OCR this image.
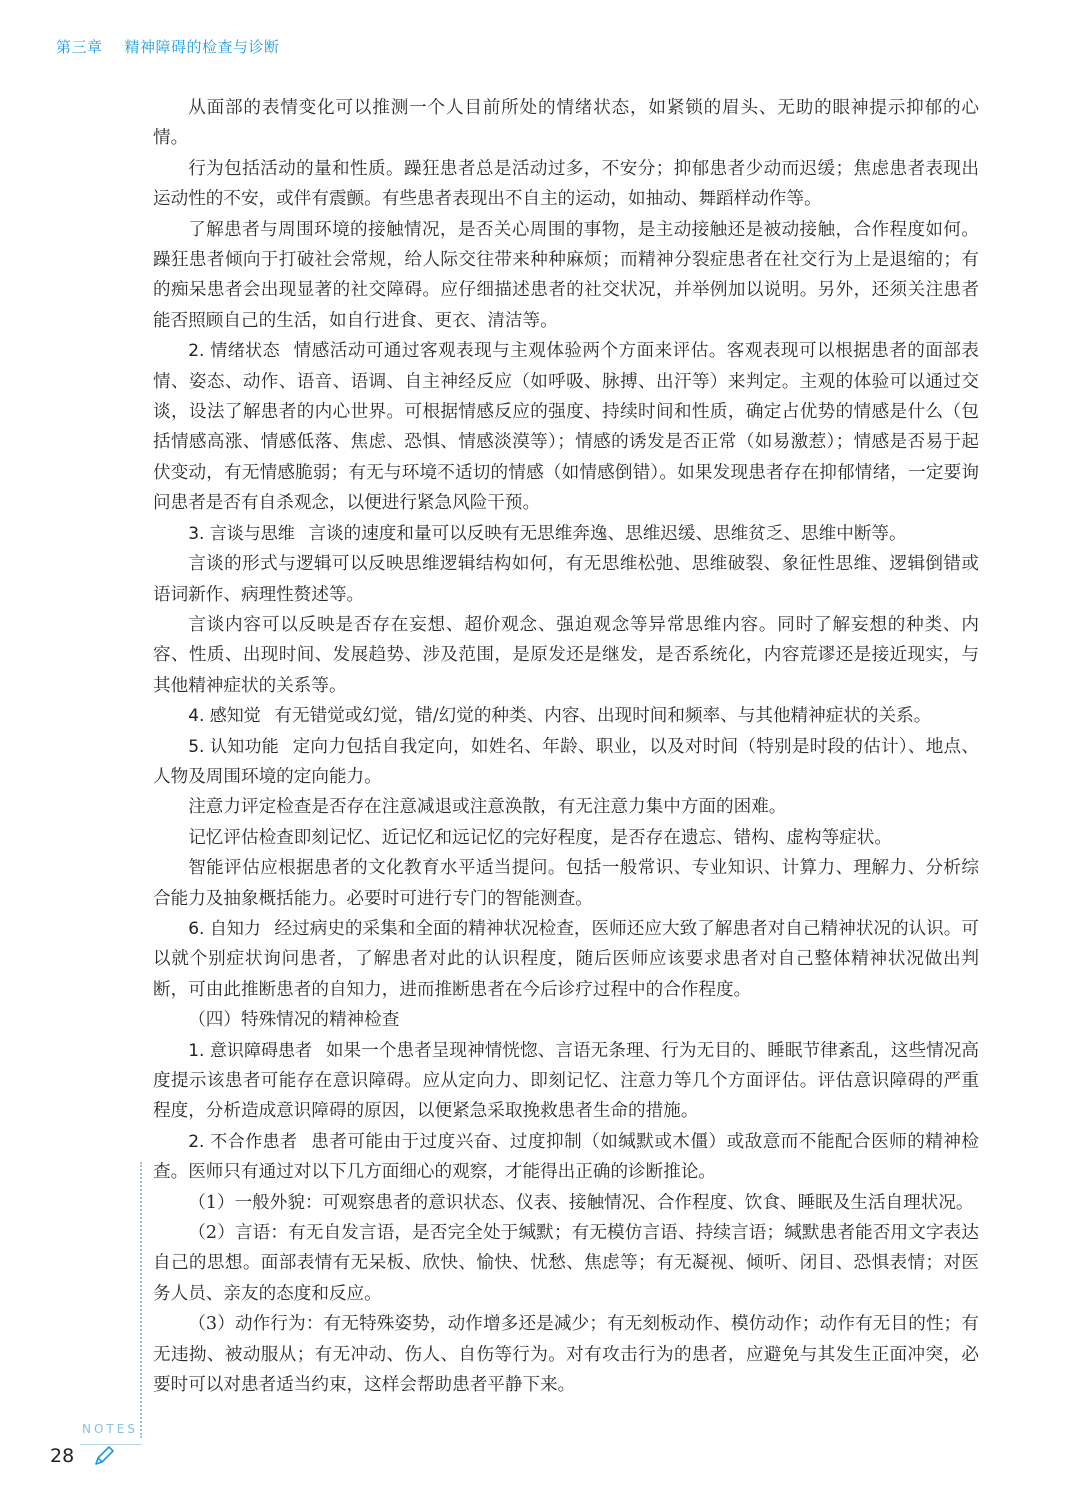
第三章 精神障碍的检查与诊断

从面部的表情变化可以推测一个人目前所处的情绪状态，如紧锁的眉头、无助的眼神提示抑郁的心情。

行为包括活动的量和性质。躁狂患者总是活动过多，不安分；抑郁患者少动而迟缓；焦虑患者表现出运动性的不安，或伴有震颤。有些患者表现出不自主的运动，如抽动、舞蹈样动作等。

了解患者与周围环境的接触情况，是否关心周围的事物，是主动接触还是被动接触，合作程度如何。躁狂患者倾向于打破社会常规，给人际交往带来种种麻烦；而精神分裂症患者在社交行为上是退缩的；有的痴呆患者会出现显著的社交障碍。应仔细描述患者的社交状况，并举例加以说明。另外，还须关注患者能否照顾自己的生活，如自行进食、更衣、清洁等。

2. 情绪状态 情感活动可通过客观表现与主观体验两个方面来评估。客观表现可以根据患者的面部表情、姿态、动作、语音、语调、自主神经反应（如呼吸、脉搏、出汗等）来判定。主观的体验可以通过交谈，设法了解患者的内心世界。可根据情感反应的强度、持续时间和性质，确定占优势的情感是什么（包括情感高涨、情感低落、焦虑、恐惧、情感淡漠等）；情感的诱发是否正常（如易激惹）；情感是否易于起伏变动，有无情感脆弱；有无与环境不适切的情感（如情感倒错）。如果发现患者存在抑郁情绪，一定要询问患者是否有自杀观念，以便进行紧急风险干预。

3. 言谈与思维 言谈的速度和量可以反映有无思维奔逸、思维迟缓、思维贫乏、思维中断等。

言谈的形式与逻辑可以反映思维逻辑结构如何，有无思维松弛、思维破裂、象征性思维、逻辑倒错或语词新作、病理性赘述等。

言谈内容可以反映是否存在妄想、超价观念、强迫观念等异常思维内容。同时了解妄想的种类、内容、性质、出现时间、发展趋势、涉及范围，是原发还是继发，是否系统化，内容荒谬还是接近现实，与其他精神症状的关系等。

4. 感知觉 有无错觉或幻觉，错/幻觉的种类、内容、出现时间和频率、与其他精神症状的关系。

5. 认知功能 定向力包括自我定向，如姓名、年龄、职业，以及对时间（特别是时段的估计）、地点、人物及周围环境的定向能力。

注意力评定检查是否存在注意减退或注意涣散，有无注意力集中方面的困难。

记忆评估检查即刻记忆、近记忆和远记忆的完好程度，是否存在遗忘、错构、虚构等症状。

智能评估应根据患者的文化教育水平适当提问。包括一般常识、专业知识、计算力、理解力、分析综合能力及抽象概括能力。必要时可进行专门的智能测查。

6. 自知力 经过病史的采集和全面的精神状况检查，医师还应大致了解患者对自己精神状况的认识。可以就个别症状询问患者，了解患者对此的认识程度，随后医师应该要求患者对自己整体精神状况做出判断，可由此推断患者的自知力，进而推断患者在今后诊疗过程中的合作程度。

（四）特殊情况的精神检查

1. 意识障碍患者 如果一个患者呈现神情恍惚、言语无条理、行为无目的、睡眠节律紊乱，这些情况高度提示该患者可能存在意识障碍。应从定向力、即刻记忆、注意力等几个方面评估。评估意识障碍的严重程度，分析造成意识障碍的原因，以便紧急采取挽救患者生命的措施。

2. 不合作患者 患者可能由于过度兴奋、过度抑制（如缄默或木僵）或敌意而不能配合医师的精神检查。医师只有通过对以下几方面细心的观察，才能得出正确的诊断推论。

（1）一般外貌：可观察患者的意识状态、仪表、接触情况、合作程度、饮食、睡眠及生活自理状况。

（2）言语：有无自发言语，是否完全处于缄默；有无模仿言语、持续言语；缄默患者能否用文字表达自己的思想。面部表情有无呆板、欣快、愉快、忧愁、焦虑等；有无凝视、倾听、闭目、恐惧表情；对医务人员、亲友的态度和反应。

（3）动作行为：有无特殊姿势，动作增多还是减少；有无刻板动作、模仿动作；动作有无目的性；有无违拗、被动服从；有无冲动、伤人、自伤等行为。对有攻击行为的患者，应避免与其发生正面冲突，必要时可以对患者适当约束，这样会帮助患者平静下来。

NOTES
28
